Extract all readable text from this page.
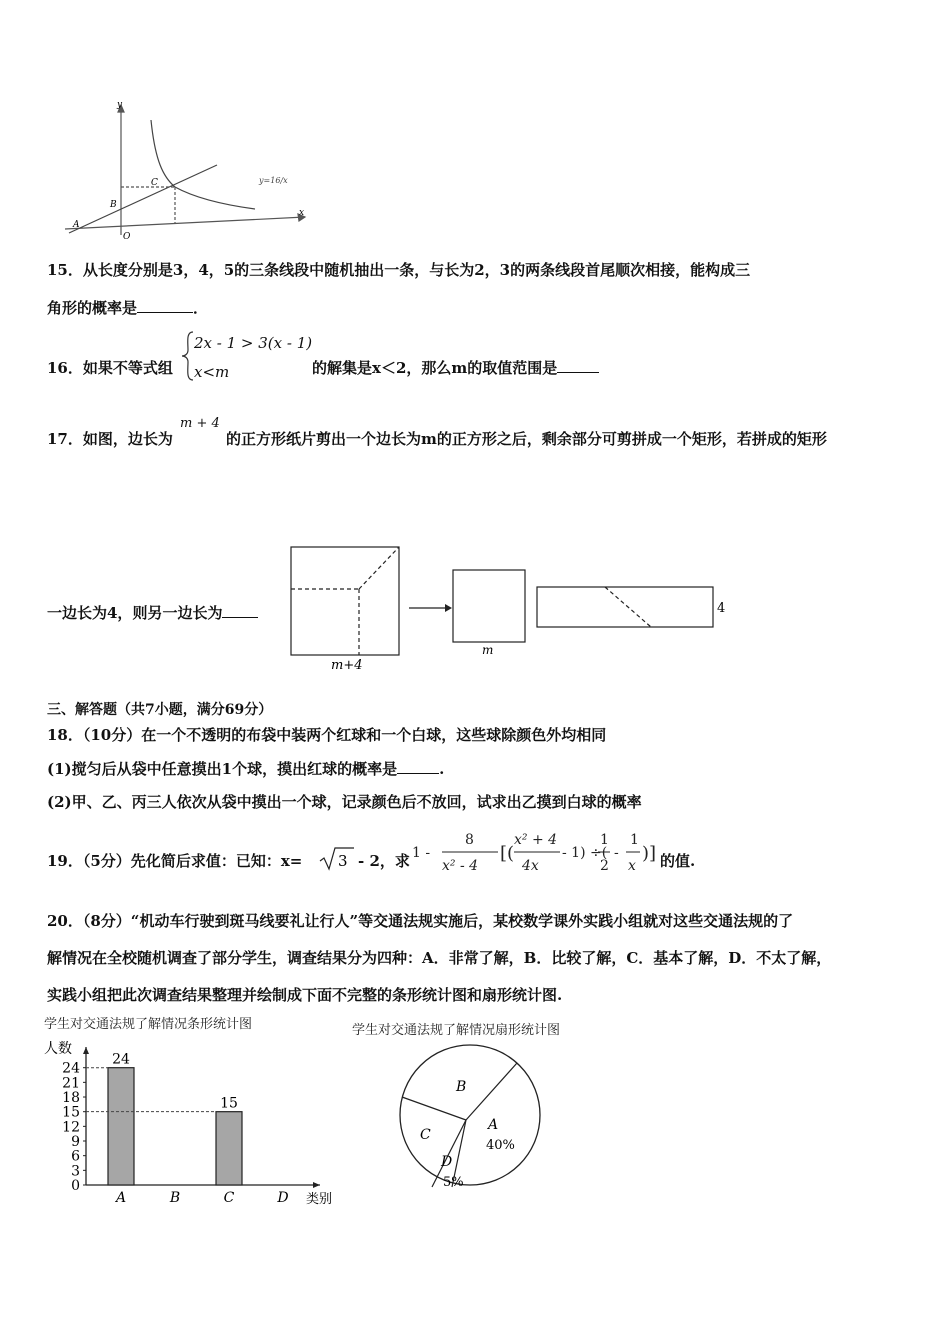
y
x
O
A
B
C	y=16/x
15．从长度分别是3，4，5的三条线段中随机抽出一条，与长为2，3的两条线段首尾顺次相接，能构成三
角形的概率是	．
16．如果不等式组
2x - 1 > 3(x - 1)
x<m	的解集是x＜2，那么m的取值范围是
17．如图，边长为
m + 4
的正方形纸片剪出一个边长为m的正方形之后，剩余部分可剪拼成一个矩形，若拼成的矩形
一边长为4，则另一边长为
m+4
m
4
三、解答题（共7小题，满分69分）
18．（10分）在一个不透明的布袋中装两个红球和一个白球，这些球除颜色外均相同
(1)搅匀后从袋中任意摸出1个球，摸出红球的概率是	.
(2)甲、乙、丙三人依次从袋中摸出一个球，记录颜色后不放回，试求出乙摸到白球的概率
19．（5分）先化简后求值：已知：x= 3 - 2，求 1 -
8
x² - 4
[(
x² + 4
4x
- 1) ÷(
1
2
-
1
x
)] 的值.
20．（8分）“机动车行驶到斑马线要礼让行人”等交通法规实施后，某校数学课外实践小组就对这些交通法规的了
解情况在全校随机调查了部分学生，调查结果分为四种：A．非常了解，B．比较了解，C．基本了解，D．不太了解，
实践小组把此次调查结果整理并绘制成下面不完整的条形统计图和扇形统计图.
学生对交通法规了解情况条形统计图
人数
类别
0
3
6
9
12
15
18
21
24
A
24
B	C
15
D
学生对交通法规了解情况扇形统计图
A
40%
B
C
D
5%
